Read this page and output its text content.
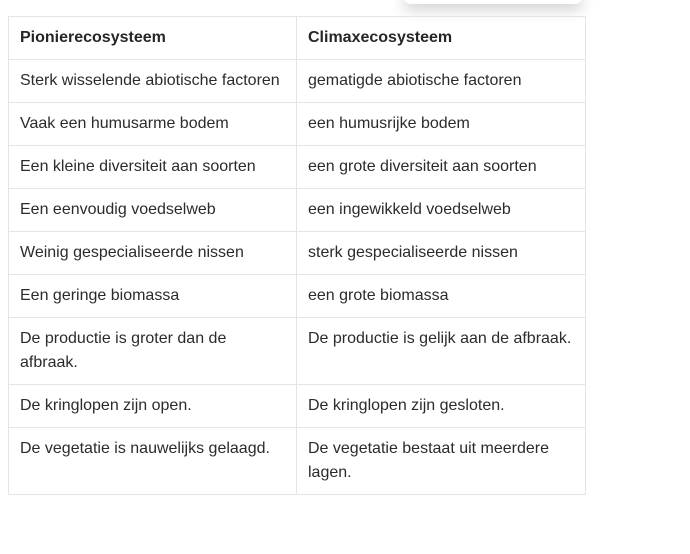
Pionierecosysteem	Climaxecosysteem
Sterk wisselende abiotische factoren	gematigde abiotische factoren
Vaak een humusarme bodem	een humusrijke bodem
Een kleine diversiteit aan soorten	een grote diversiteit aan soorten
Een eenvoudig voedselweb	een ingewikkeld voedselweb
Weinig gespecialiseerde nissen	sterk gespecialiseerde nissen
Een geringe biomassa	een grote biomassa
De productie is groter dan de afbraak.	De productie is gelijk aan de afbraak.
De kringlopen zijn open.	De kringlopen zijn gesloten.
De vegetatie is nauwelijks gelaagd.	De vegetatie bestaat uit meerdere lagen.
